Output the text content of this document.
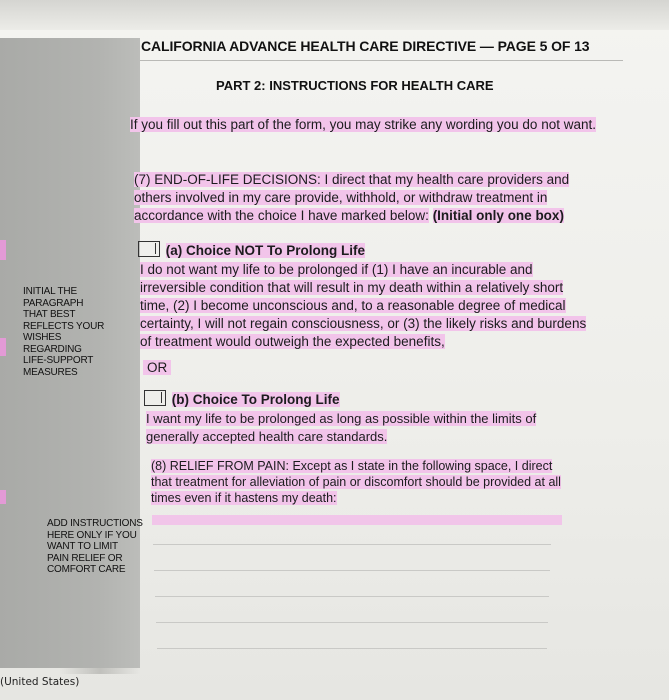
INITIAL THE
PARAGRAPH
THAT BEST
REFLECTS YOUR
WISHES
REGARDING
LIFE-SUPPORT
MEASURES
ADD INSTRUCTIONS
HERE ONLY IF YOU
WANT TO LIMIT
PAIN RELIEF OR
COMFORT CARE
CALIFORNIA ADVANCE HEALTH CARE DIRECTIVE — PAGE 5 OF 13
PART 2: INSTRUCTIONS FOR HEALTH CARE
If you fill out this part of the form, you may strike any wording you do not want.
(7) END-OF-LIFE DECISIONS: I direct that my health care providers and others involved in my care provide, withhold, or withdraw treatment in accordance with the choice I have marked below: (Initial only one box)
(a) Choice NOT To Prolong Life
I do not want my life to be prolonged if (1) I have an incurable and irreversible condition that will result in my death within a relatively short time, (2) I become unconscious and, to a reasonable degree of medical certainty, I will not regain consciousness, or (3) the likely risks and burdens of treatment would outweigh the expected benefits,
OR
(b) Choice To Prolong Life
I want my life to be prolonged as long as possible within the limits of generally accepted health care standards.
(8) RELIEF FROM PAIN: Except as I state in the following space, I direct that treatment for alleviation of pain or discomfort should be provided at all times even if it hastens my death:
(United States)
